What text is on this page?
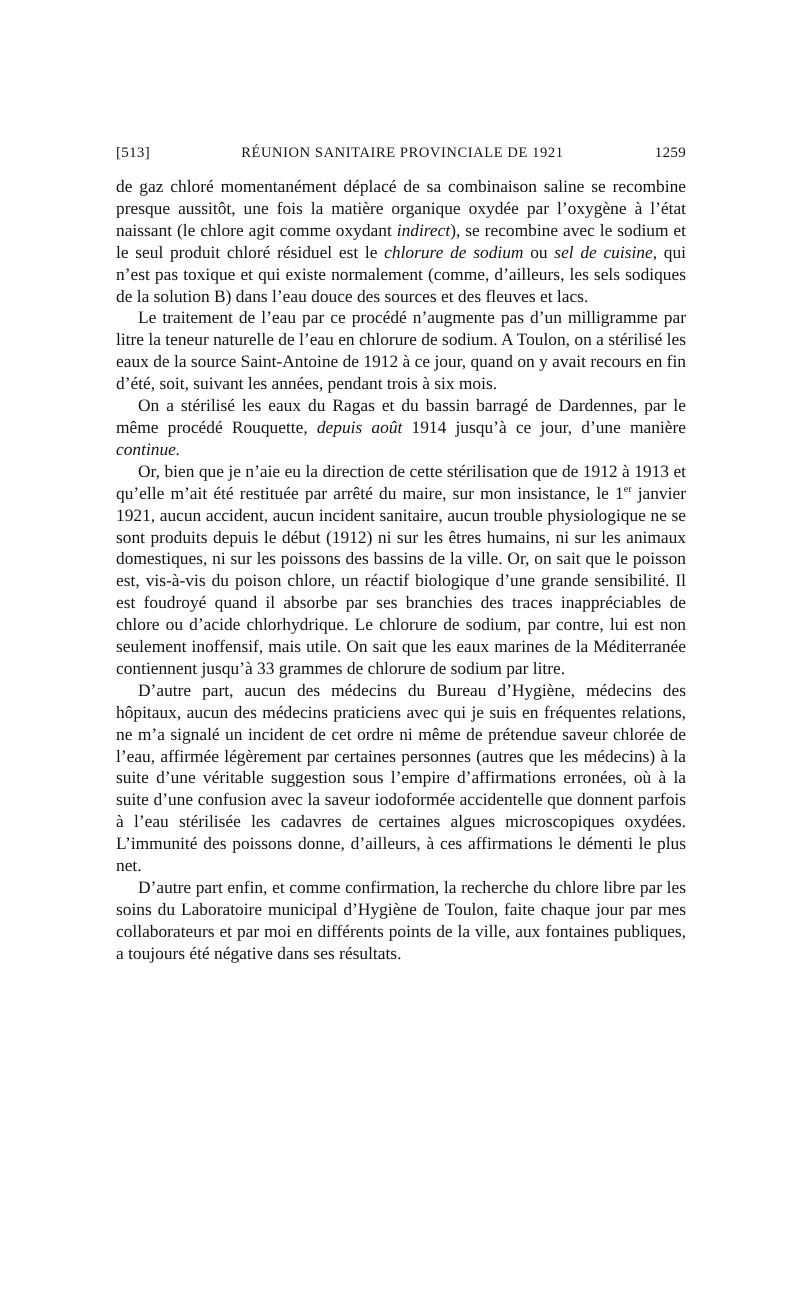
[513]	RÉUNION SANITAIRE PROVINCIALE DE 1921	1259

de gaz chloré momentanément déplacé de sa combinaison saline se recombine presque aussitôt, une fois la matière organique oxydée par l’oxygène à l’état naissant (le chlore agit comme oxydant indirect), se recombine avec le sodium et le seul produit chloré résiduel est le chlorure de sodium ou sel de cuisine, qui n’est pas toxique et qui existe normalement (comme, d’ailleurs, les sels sodiques de la solution B) dans l’eau douce des sources et des fleuves et lacs.

Le traitement de l’eau par ce procédé n’augmente pas d’un milligramme par litre la teneur naturelle de l’eau en chlorure de sodium. A Toulon, on a stérilisé les eaux de la source Saint-Antoine de 1912 à ce jour, quand on y avait recours en fin d’été, soit, suivant les années, pendant trois à six mois.

On a stérilisé les eaux du Ragas et du bassin barragé de Dardennes, par le même procédé Rouquette, depuis août 1914 jusqu’à ce jour, d’une manière continue.

Or, bien que je n’aie eu la direction de cette stérilisation que de 1912 à 1913 et qu’elle m’ait été restituée par arrêté du maire, sur mon insistance, le 1er janvier 1921, aucun accident, aucun incident sanitaire, aucun trouble physiologique ne se sont produits depuis le début (1912) ni sur les êtres humains, ni sur les animaux domestiques, ni sur les poissons des bassins de la ville. Or, on sait que le poisson est, vis-à-vis du poison chlore, un réactif biologique d’une grande sensibilité. Il est foudroyé quand il absorbe par ses branchies des traces inappréciables de chlore ou d’acide chlorhydrique. Le chlorure de sodium, par contre, lui est non seulement inoffensif, mais utile. On sait que les eaux marines de la Méditerranée contiennent jusqu’à 33 grammes de chlorure de sodium par litre.

D’autre part, aucun des médecins du Bureau d’Hygiène, médecins des hôpitaux, aucun des médecins praticiens avec qui je suis en fréquentes relations, ne m’a signalé un incident de cet ordre ni même de prétendue saveur chlorée de l’eau, affirmée légèrement par certaines personnes (autres que les médecins) à la suite d’une véritable suggestion sous l’empire d’affirmations erronées, où à la suite d’une confusion avec la saveur iodoformée accidentelle que donnent parfois à l’eau stérilisée les cadavres de certaines algues microscopiques oxydées. L’immunité des poissons donne, d’ailleurs, à ces affirmations le démenti le plus net.

D’autre part enfin, et comme confirmation, la recherche du chlore libre par les soins du Laboratoire municipal d’Hygiène de Toulon, faite chaque jour par mes collaborateurs et par moi en différents points de la ville, aux fontaines publiques, a toujours été négative dans ses résultats.
